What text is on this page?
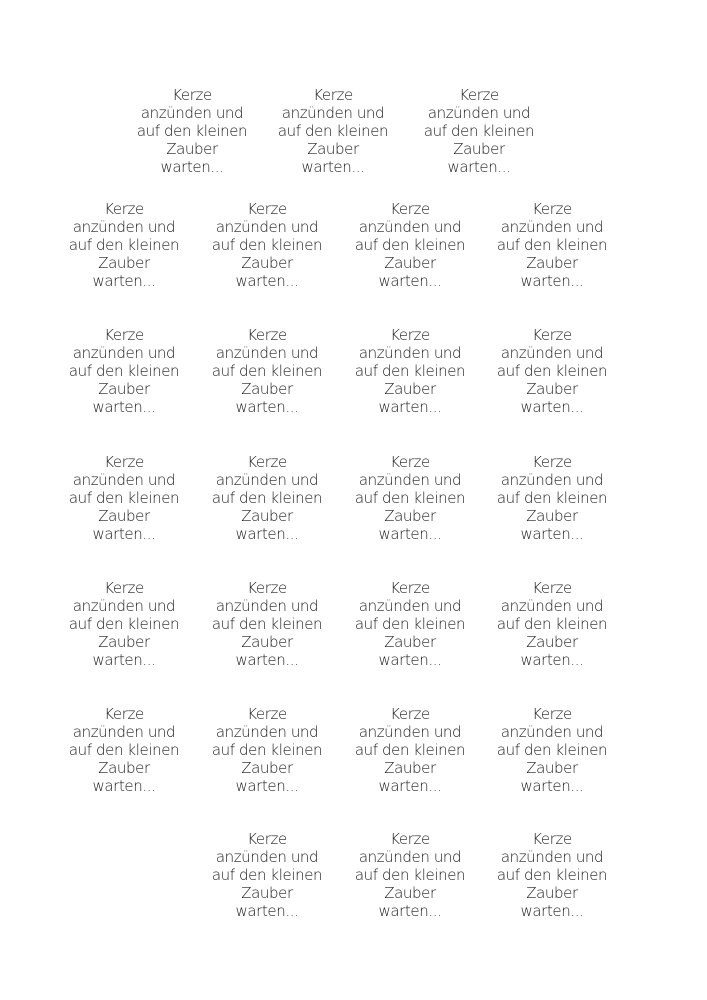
Kerze
anzünden und
auf den kleinen
Zauber
warten...
Kerze
anzünden und
auf den kleinen
Zauber
warten...
Kerze
anzünden und
auf den kleinen
Zauber
warten...
Kerze
anzünden und
auf den kleinen
Zauber
warten...
Kerze
anzünden und
auf den kleinen
Zauber
warten...
Kerze
anzünden und
auf den kleinen
Zauber
warten...
Kerze
anzünden und
auf den kleinen
Zauber
warten...
Kerze
anzünden und
auf den kleinen
Zauber
warten...
Kerze
anzünden und
auf den kleinen
Zauber
warten...
Kerze
anzünden und
auf den kleinen
Zauber
warten...
Kerze
anzünden und
auf den kleinen
Zauber
warten...
Kerze
anzünden und
auf den kleinen
Zauber
warten...
Kerze
anzünden und
auf den kleinen
Zauber
warten...
Kerze
anzünden und
auf den kleinen
Zauber
warten...
Kerze
anzünden und
auf den kleinen
Zauber
warten...
Kerze
anzünden und
auf den kleinen
Zauber
warten...
Kerze
anzünden und
auf den kleinen
Zauber
warten...
Kerze
anzünden und
auf den kleinen
Zauber
warten...
Kerze
anzünden und
auf den kleinen
Zauber
warten...
Kerze
anzünden und
auf den kleinen
Zauber
warten...
Kerze
anzünden und
auf den kleinen
Zauber
warten...
Kerze
anzünden und
auf den kleinen
Zauber
warten...
Kerze
anzünden und
auf den kleinen
Zauber
warten...
Kerze
anzünden und
auf den kleinen
Zauber
warten...
Kerze
anzünden und
auf den kleinen
Zauber
warten...
Kerze
anzünden und
auf den kleinen
Zauber
warten...
